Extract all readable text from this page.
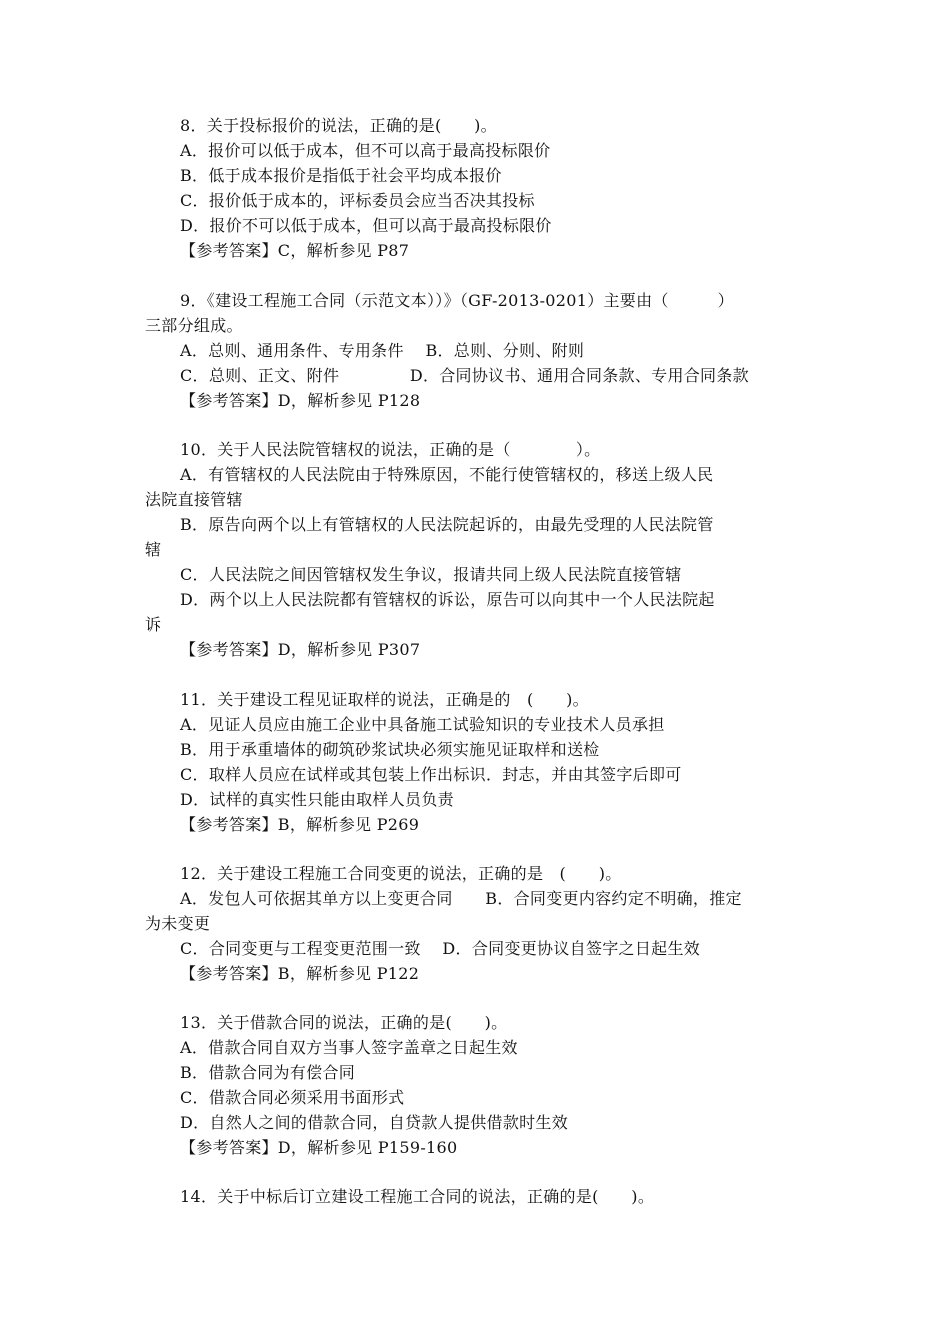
8．关于投标报价的说法，正确的是(　　)。
A．报价可以低于成本，但不可以高于最高投标限价
B．低于成本报价是指低于社会平均成本报价
C．报价低于成本的，评标委员会应当否决其投标
D．报价不可以低于成本，但可以高于最高投标限价
【参考答案】C，解析参见 P87
9．《建设工程施工合同（示范文本））》（GF-2013-0201）主要由（　　　）
三部分组成。
A．总则、通用条件、专用条件　 B．总则、分则、附则
C．总则、正文、附件　　　　 D．合同协议书、通用合同条款、专用合同条款
【参考答案】D，解析参见 P128
10．关于人民法院管辖权的说法，正确的是（　　　　）。
A．有管辖权的人民法院由于特殊原因，不能行使管辖权的，移送上级人民
法院直接管辖
B．原告向两个以上有管辖权的人民法院起诉的，由最先受理的人民法院管
辖
C．人民法院之间因管辖权发生争议，报请共同上级人民法院直接管辖
D．两个以上人民法院都有管辖权的诉讼，原告可以向其中一个人民法院起
诉
【参考答案】D，解析参见 P307
11．关于建设工程见证取样的说法，正确是的　(　　)。
A．见证人员应由施工企业中具备施工试验知识的专业技术人员承担
B．用于承重墙体的砌筑砂浆试块必须实施见证取样和送检
C．取样人员应在试样或其包装上作出标识．封志，并由其签字后即可
D．试样的真实性只能由取样人员负责
【参考答案】B，解析参见 P269
12．关于建设工程施工合同变更的说法，正确的是　(　　)。
A．发包人可依据其单方以上变更合同　　B．合同变更内容约定不明确，推定
为未变更
C．合同变更与工程变更范围一致　 D．合同变更协议自签字之日起生效
【参考答案】B，解析参见 P122
13．关于借款合同的说法，正确的是(　　)。
A．借款合同自双方当事人签字盖章之日起生效
B．借款合同为有偿合同
C．借款合同必须采用书面形式
D．自然人之间的借款合同，自贷款人提供借款时生效
【参考答案】D，解析参见 P159-160
14．关于中标后订立建设工程施工合同的说法，正确的是(　　)。
